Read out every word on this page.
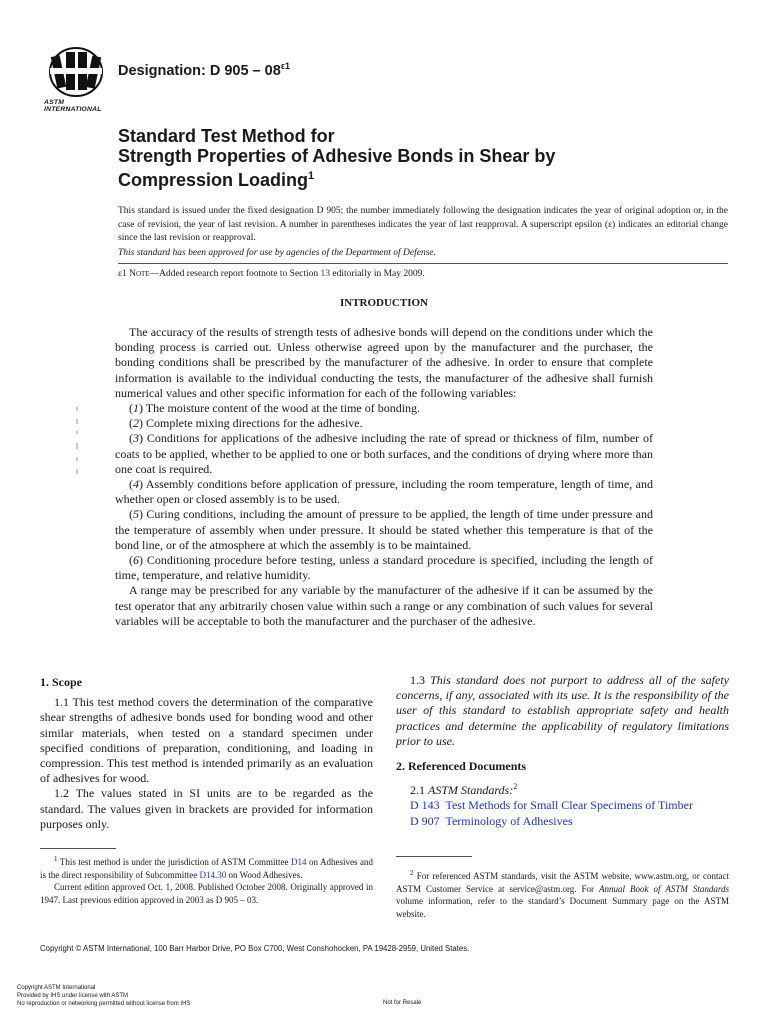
ASTM INTERNATIONAL
Designation: D $905 - 08^{\varepsilon 1}$
Standard Test Method for
Strength Properties of Adhesive Bonds in Shear by
Compression Loading$^1$

This standard is issued under the fixed designation D 905; the number immediately following the designation indicates the year of original adoption or, in the case of revision, the year of last revision. A number in parentheses indicates the year of last reapproval. A superscript epsilon (ε) indicates an editorial change since the last revision or reapproval.

This standard has been approved for use by agencies of the Department of Defense.

ε1 Note—Added research report footnote to Section 13 editorially in May 2009.

INTRODUCTION

The accuracy of the results of strength tests of adhesive bonds will depend on the conditions under which the bonding process is carried out. Unless otherwise agreed upon by the manufacturer and the purchaser, the bonding conditions shall be prescribed by the manufacturer of the adhesive. In order to ensure that complete information is available to the individual conducting the tests, the manufacturer of the adhesive shall furnish numerical values and other specific information for each of the following variables:

(1) The moisture content of the wood at the time of bonding.

(2) Complete mixing directions for the adhesive.

(3) Conditions for applications of the adhesive including the rate of spread or thickness of film, number of coats to be applied, whether to be applied to one or both surfaces, and the conditions of drying where more than one coat is required.

(4) Assembly conditions before application of pressure, including the room temperature, length of time, and whether open or closed assembly is to be used.

(5) Curing conditions, including the amount of pressure to be applied, the length of time under pressure and the temperature of assembly when under pressure. It should be stated whether this temperature is that of the bond line, or of the atmosphere at which the assembly is to be maintained.

(6) Conditioning procedure before testing, unless a standard procedure is specified, including the length of time, temperature, and relative humidity.

A range may be prescribed for any variable by the manufacturer of the adhesive if it can be assumed by the test operator that any arbitrarily chosen value within such a range or any combination of such values for several variables will be acceptable to both the manufacturer and the purchaser of the adhesive.

1. Scope

1.1 This test method covers the determination of the comparative shear strengths of adhesive bonds used for bonding wood and other similar materials, when tested on a standard specimen under specified conditions of preparation, conditioning, and loading in compression. This test method is intended primarily as an evaluation of adhesives for wood.

1.2 The values stated in SI units are to be regarded as the standard. The values given in brackets are provided for information purposes only.

1.3 This standard does not purport to address all of the safety concerns, if any, associated with its use. It is the responsibility of the user of this standard to establish appropriate safety and health practices and determine the applicability of regulatory limitations prior to use.

2. Referenced Documents

2.1 ASTM Standards:$^2$

D 143 Test Methods for Small Clear Specimens of Timber

D 907 Terminology of Adhesives

$^1$ This test method is under the jurisdiction of ASTM Committee D14 on Adhesives and is the direct responsibility of Subcommittee D14.30 on Wood Adhesives.

Current edition approved Oct. 1, 2008. Published October 2008. Originally approved in 1947. Last previous edition approved in 2003 as D 905 – 03.

$^2$ For referenced ASTM standards, visit the ASTM website, www.astm.org, or contact ASTM Customer Service at service@astm.org. For Annual Book of ASTM Standards volume information, refer to the standard’s Document Summary page on the ASTM website.

Copyright © ASTM International, 100 Barr Harbor Drive, PO Box C700, West Conshohocken, PA 19428-2959, United States.
Copyright ASTM International
Provided by IHS under license with ASTM
No reproduction or networking permitted without license from IHS	Not for Resale
